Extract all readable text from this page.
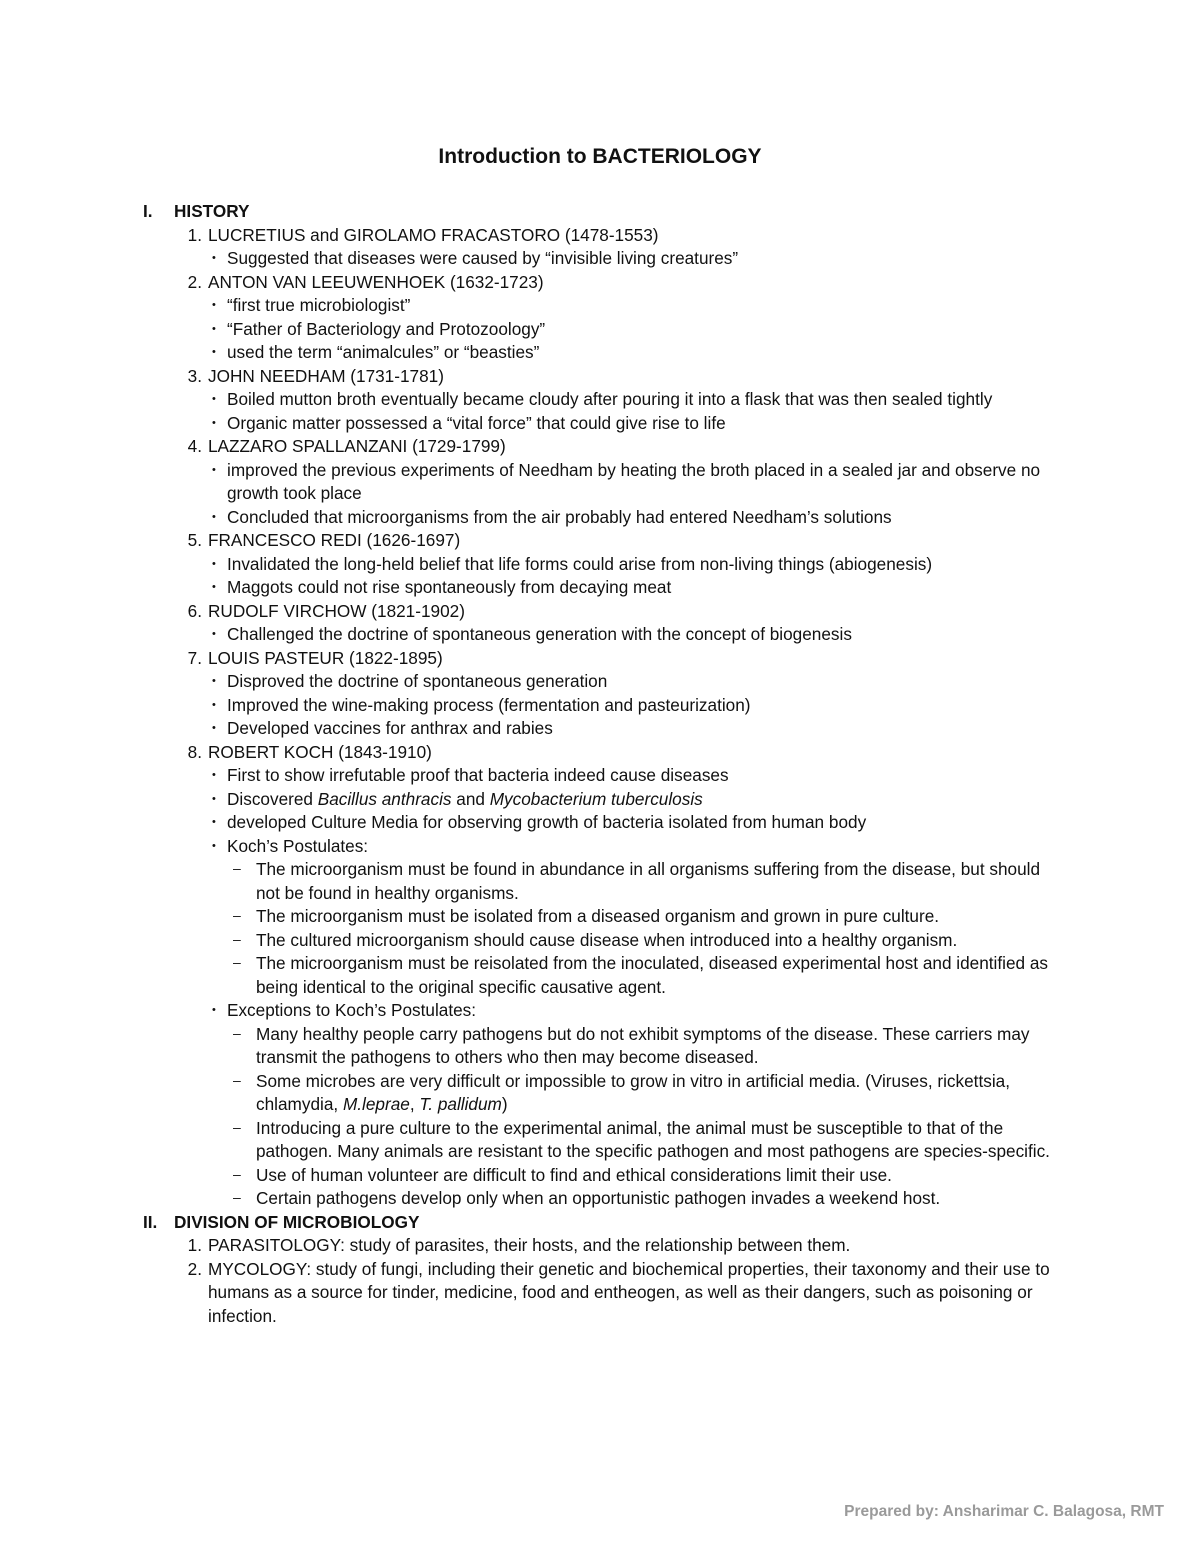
Introduction to BACTERIOLOGY
I. HISTORY
1. LUCRETIUS and GIROLAMO FRACASTORO (1478-1553)
• Suggested that diseases were caused by “invisible living creatures”
2. ANTON VAN LEEUWENHOEK (1632-1723)
• “first true microbiologist”
• “Father of Bacteriology and Protozoology”
• used the term “animalcules” or “beasties”
3. JOHN NEEDHAM (1731-1781)
• Boiled mutton broth eventually became cloudy after pouring it into a flask that was then sealed tightly
• Organic matter possessed a “vital force” that could give rise to life
4. LAZZARO SPALLANZANI (1729-1799)
• improved the previous experiments of Needham by heating the broth placed in a sealed jar and observe no growth took place
• Concluded that microorganisms from the air probably had entered Needham’s solutions
5. FRANCESCO REDI (1626-1697)
• Invalidated the long-held belief that life forms could arise from non-living things (abiogenesis)
• Maggots could not rise spontaneously from decaying meat
6. RUDOLF VIRCHOW (1821-1902)
• Challenged the doctrine of spontaneous generation with the concept of biogenesis
7. LOUIS PASTEUR (1822-1895)
• Disproved the doctrine of spontaneous generation
• Improved the wine-making process (fermentation and pasteurization)
• Developed vaccines for anthrax and rabies
8. ROBERT KOCH (1843-1910)
• First to show irrefutable proof that bacteria indeed cause diseases
• Discovered Bacillus anthracis and Mycobacterium tuberculosis
• developed Culture Media for observing growth of bacteria isolated from human body
• Koch’s Postulates:
– The microorganism must be found in abundance in all organisms suffering from the disease, but should not be found in healthy organisms.
– The microorganism must be isolated from a diseased organism and grown in pure culture.
– The cultured microorganism should cause disease when introduced into a healthy organism.
– The microorganism must be reisolated from the inoculated, diseased experimental host and identified as being identical to the original specific causative agent.
• Exceptions to Koch’s Postulates:
– Many healthy people carry pathogens but do not exhibit symptoms of the disease. These carriers may transmit the pathogens to others who then may become diseased.
– Some microbes are very difficult or impossible to grow in vitro in artificial media. (Viruses, rickettsia, chlamydia, M.leprae, T. pallidum)
– Introducing a pure culture to the experimental animal, the animal must be susceptible to that of the pathogen. Many animals are resistant to the specific pathogen and most pathogens are species-specific.
– Use of human volunteer are difficult to find and ethical considerations limit their use.
– Certain pathogens develop only when an opportunistic pathogen invades a weekend host.
II. DIVISION OF MICROBIOLOGY
1. PARASITOLOGY: study of parasites, their hosts, and the relationship between them.
2. MYCOLOGY: study of fungi, including their genetic and biochemical properties, their taxonomy and their use to humans as a source for tinder, medicine, food and entheogen, as well as their dangers, such as poisoning or infection.
Prepared by: Ansharimar C. Balagosa, RMT
